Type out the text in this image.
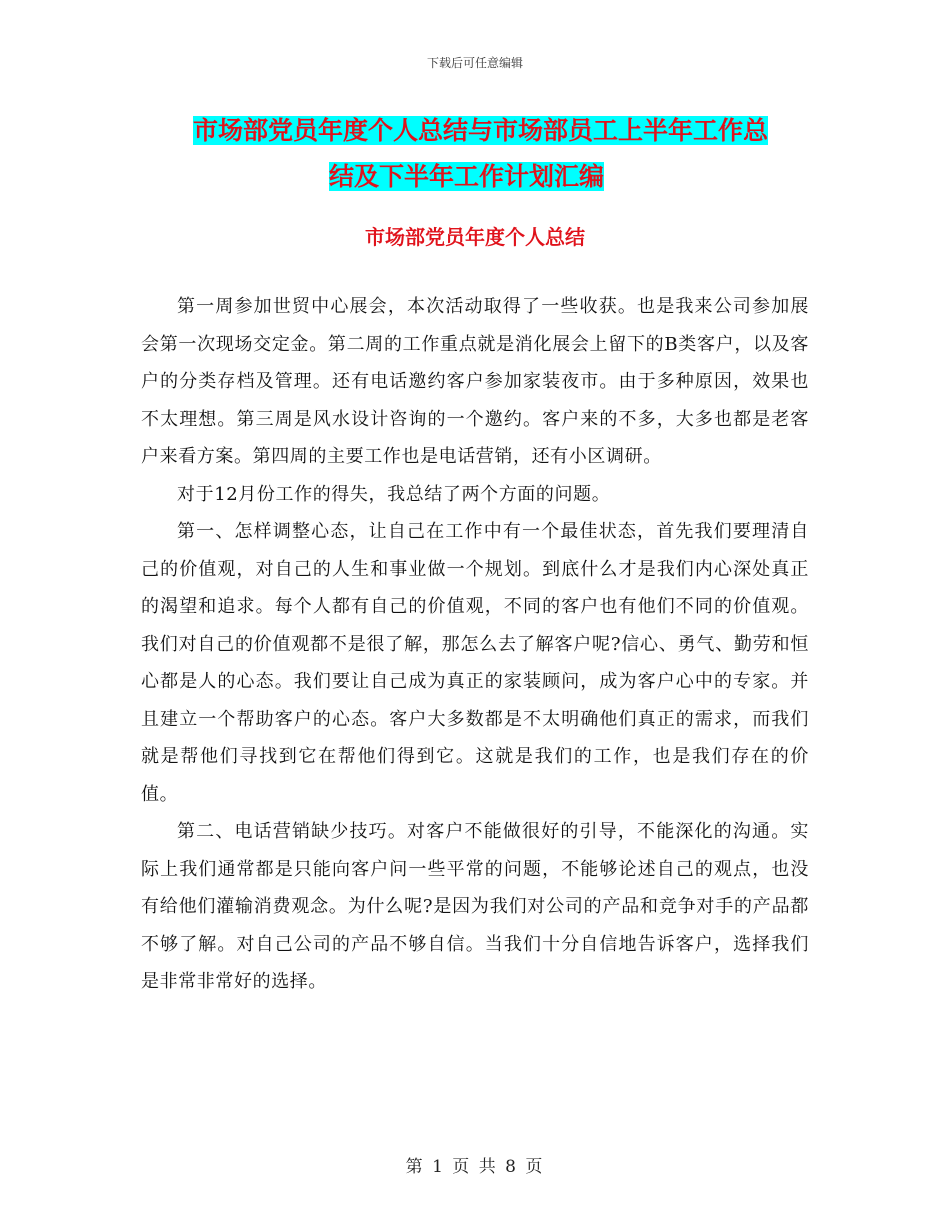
下载后可任意编辑
市场部党员年度个人总结与市场部员工上半年工作总
结及下半年工作计划汇编
市场部党员年度个人总结

第一周参加世贸中心展会，本次活动取得了一些收获。也是我来公司参加展会第一次现场交定金。第二周的工作重点就是消化展会上留下的B类客户，以及客户的分类存档及管理。还有电话邀约客户参加家装夜市。由于多种原因，效果也不太理想。第三周是风水设计咨询的一个邀约。客户来的不多，大多也都是老客户来看方案。第四周的主要工作也是电话营销，还有小区调研。

对于12月份工作的得失，我总结了两个方面的问题。

第一、怎样调整心态，让自己在工作中有一个最佳状态，首先我们要理清自己的价值观，对自己的人生和事业做一个规划。到底什么才是我们内心深处真正的渴望和追求。每个人都有自己的价值观，不同的客户也有他们不同的价值观。我们对自己的价值观都不是很了解，那怎么去了解客户呢?信心、勇气、勤劳和恒心都是人的心态。我们要让自己成为真正的家装顾问，成为客户心中的专家。并且建立一个帮助客户的心态。客户大多数都是不太明确他们真正的需求，而我们就是帮他们寻找到它在帮他们得到它。这就是我们的工作，也是我们存在的价值。

第二、电话营销缺少技巧。对客户不能做很好的引导，不能深化的沟通。实际上我们通常都是只能向客户问一些平常的问题，不能够论述自己的观点，也没有给他们灌输消费观念。为什么呢?是因为我们对公司的产品和竞争对手的产品都不够了解。对自己公司的产品不够自信。当我们十分自信地告诉客户，选择我们是非常非常好的选择。

第 1 页 共 8 页
